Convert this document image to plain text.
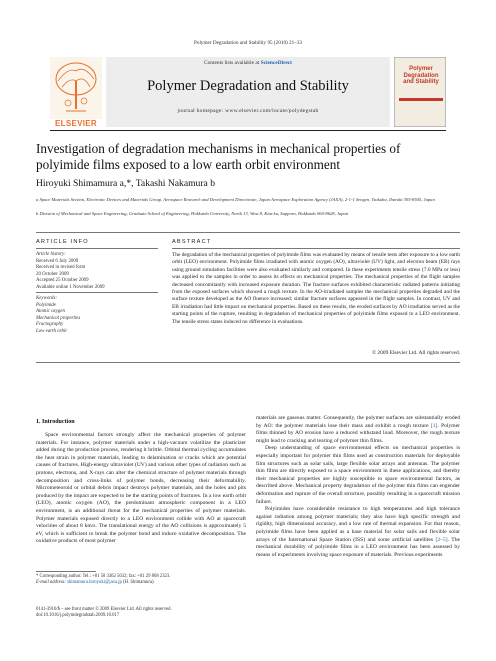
Polymer Degradation and Stability 95 (2010) 21–33
ELSEVIER
Contents lists available at ScienceDirect
Polymer Degradation and Stability
journal homepage: www.elsevier.com/locate/polydegstab
Polymer Degradation and Stability
Investigation of degradation mechanisms in mechanical properties of polyimide films exposed to a low earth orbit environment
Hiroyuki Shimamura a,*, Takashi Nakamura b
a Space Materials Section, Electronic Devices and Materials Group, Aerospace Research and Development Directorate, Japan Aerospace Exploration Agency (JAXA), 2-1-1 Sengen, Tsukuba, Ibaraki 305-8505, Japan
b Division of Mechanical and Space Engineering, Graduate School of Engineering, Hokkaido University, North 13, West 8, Kita-ku, Sapporo, Hokkaido 060-8628, Japan
ARTICLE INFO	ABSTRACT
Article history:
Received 6 July 2009
Received in revised form
20 October 2009
Accepted 25 October 2009
Available online 1 November 2009
Keywords:
Polyimide
Atomic oxygen
Mechanical properties
Fractography
Low earth orbit
The degradation of the mechanical properties of polyimide films was evaluated by means of tensile tests after exposure to a low earth orbit (LEO) environment. Polyimide films irradiated with atomic oxygen (AO), ultraviolet (UV) light, and electron beam (EB) rays using ground simulation facilities were also evaluated similarly and compared. In these experiments tensile stress (7.0 MPa or less) was applied to the samples in order to assess its effects on mechanical properties. The mechanical properties of the flight samples decreased concomitantly with increased exposure duration. The fracture surfaces exhibited characteristic radiated patterns initiating from the exposed surfaces which showed a rough texture. In the AO-irradiated samples the mechanical properties degraded and the surface texture developed as the AO fluence increased; similar fracture surfaces appeared in the flight samples. In contrast, UV and EB irradiation had little impact on mechanical properties. Based on these results, the eroded surfaces by AO irradiation served as the starting points of the rupture, resulting in degradation of mechanical properties of polyimide films exposed to a LEO environment. The tensile stress states induced no difference in evaluations.
© 2009 Elsevier Ltd. All rights reserved.
1. Introduction

Space environmental factors strongly affect the mechanical properties of polymer materials. For instance, polymer materials under a high-vacuum volatilize the plasticizer added during the production process, rendering it brittle. Orbital thermal cycling accumulates the heat strain in polymer materials, leading to delamination or cracks which are potential causes of fractures. High-energy ultraviolet (UV) and various other types of radiation such as protons, electrons, and X-rays can alter the chemical structure of polymer materials through decomposition and cross-links of polymer bonds, decreasing their deformability. Micrometeoroid or orbital debris impact destroys polymer materials, and the holes and pits produced by the impact are expected to be the starting points of fractures. In a low earth orbit (LEO), atomic oxygen (AO), the predominant atmospheric component in a LEO environment, is an additional threat for the mechanical properties of polymer materials. Polymer materials exposed directly to a LEO environment collide with AO at spacecraft velocities of about 8 km/s. The translational energy of the AO collisions is approximately 5 eV, which is sufficient to break the polymer bond and induce oxidative decomposition. The oxidative products of most polymer

materials are gaseous matter. Consequently, the polymer surfaces are substantially eroded by AO: the polymer materials lose their mass and exhibit a rough texture [1]. Polymer films thinned by AO erosion have a reduced withstand load. Moreover, the rough texture might lead to cracking and tearing of polymer thin films.

Deep understanding of space environmental effects on mechanical properties is especially important for polymer thin films used as construction materials for deployable film structures such as solar sails, large flexible solar arrays and antennas. The polymer thin films are directly exposed to a space environment in these applications, and thereby their mechanical properties are highly susceptible to space environmental factors, as described above. Mechanical property degradation of the polymer thin films can engender deformation and rupture of the overall structure, possibly resulting in a spacecraft mission failure.

Polyimides have considerable resistance to high temperatures and high tolerance against radiation among polymer materials; they also have high specific strength and rigidity, high dimensional accuracy, and a low rate of thermal expansion. For that reason, polyimide films have been applied as a base material for solar sails and flexible solar arrays of the International Space Station (ISS) and some artificial satellites [2–5]. The mechanical durability of polyimide films in a LEO environment has been assessed by means of experiments involving space exposure of materials. Previous experiments

* Corresponding author. Tel.: +81 50 3362 5632; fax: +81 29 868 2323.
E-mail address: shimamura.hiroyuki@jaxa.jp (H. Shimamura).
0141-3910/$ – see front matter © 2009 Elsevier Ltd. All rights reserved.
doi:10.1016/j.polymdegradstab.2009.10.017
